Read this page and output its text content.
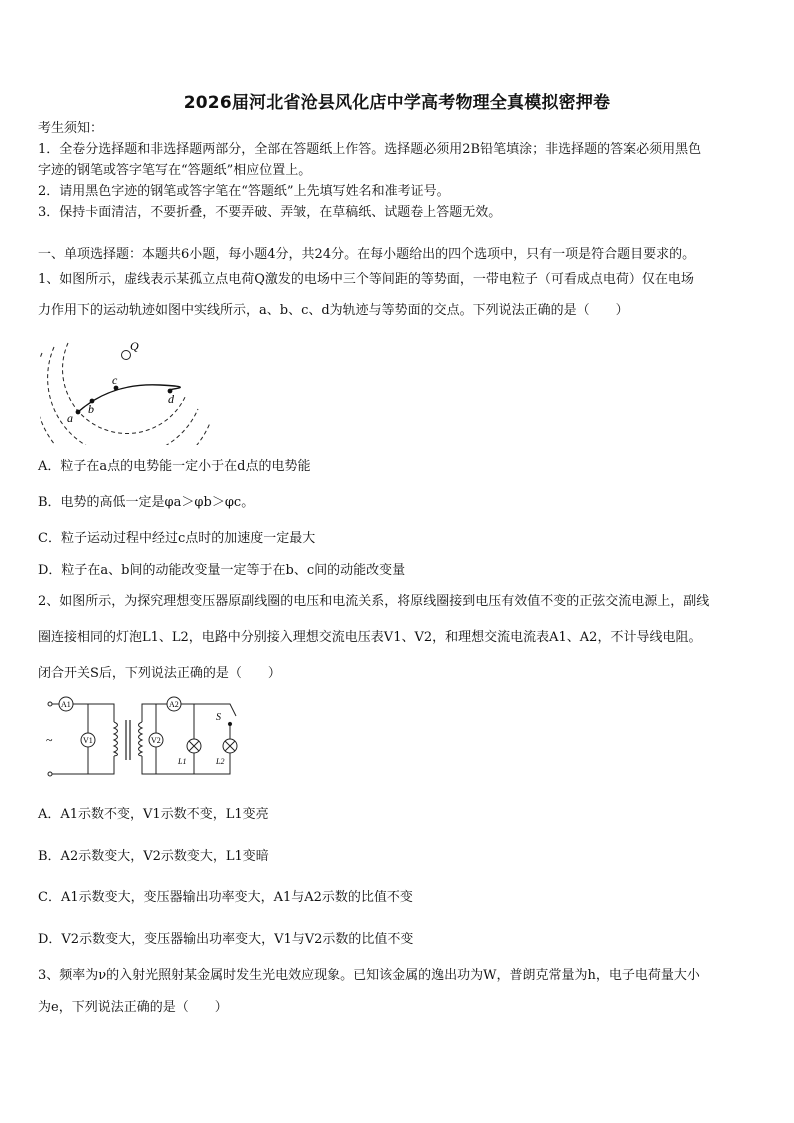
2026届河北省沧县风化店中学高考物理全真模拟密押卷
考生须知：
1．全卷分选择题和非选择题两部分，全部在答题纸上作答。选择题必须用2B铅笔填涂；非选择题的答案必须用黑色
字迹的钢笔或答字笔写在“答题纸”相应位置上。
2．请用黑色字迹的钢笔或答字笔在“答题纸”上先填写姓名和准考证号。
3．保持卡面清洁，不要折叠，不要弄破、弄皱，在草稿纸、试题卷上答题无效。
一、单项选择题：本题共6小题，每小题4分，共24分。在每小题给出的四个选项中，只有一项是符合题目要求的。
1、如图所示，虚线表示某孤立点电荷Q激发的电场中三个等间距的等势面，一带电粒子（可看成点电荷）仅在电场
力作用下的运动轨迹如图中实线所示，a、b、c、d为轨迹与等势面的交点。下列说法正确的是（　　）
Q
a
b
c
d
A．粒子在a点的电势能一定小于在d点的电势能
B．电势的高低一定是φa＞φb＞φc。
C．粒子运动过程中经过c点时的加速度一定最大
D．粒子在a、b间的动能改变量一定等于在b、c间的动能改变量
2、如图所示，为探究理想变压器原副线圈的电压和电流关系，将原线圈接到电压有效值不变的正弦交流电源上，副线
圈连接相同的灯泡L1、L2，电路中分别接入理想交流电压表V1、V2，和理想交流电流表A1、A2，不计导线电阻。
闭合开关S后，下列说法正确的是（　　）
A1
V1
A2
V2
~
S
L1	L2
A．A1示数不变，V1示数不变，L1变亮
B．A2示数变大，V2示数变大，L1变暗
C．A1示数变大，变压器输出功率变大，A1与A2示数的比值不变
D．V2示数变大，变压器输出功率变大，V1与V2示数的比值不变
3、频率为ν的入射光照射某金属时发生光电效应现象。已知该金属的逸出功为W，普朗克常量为h，电子电荷量大小
为e，下列说法正确的是（　　）
